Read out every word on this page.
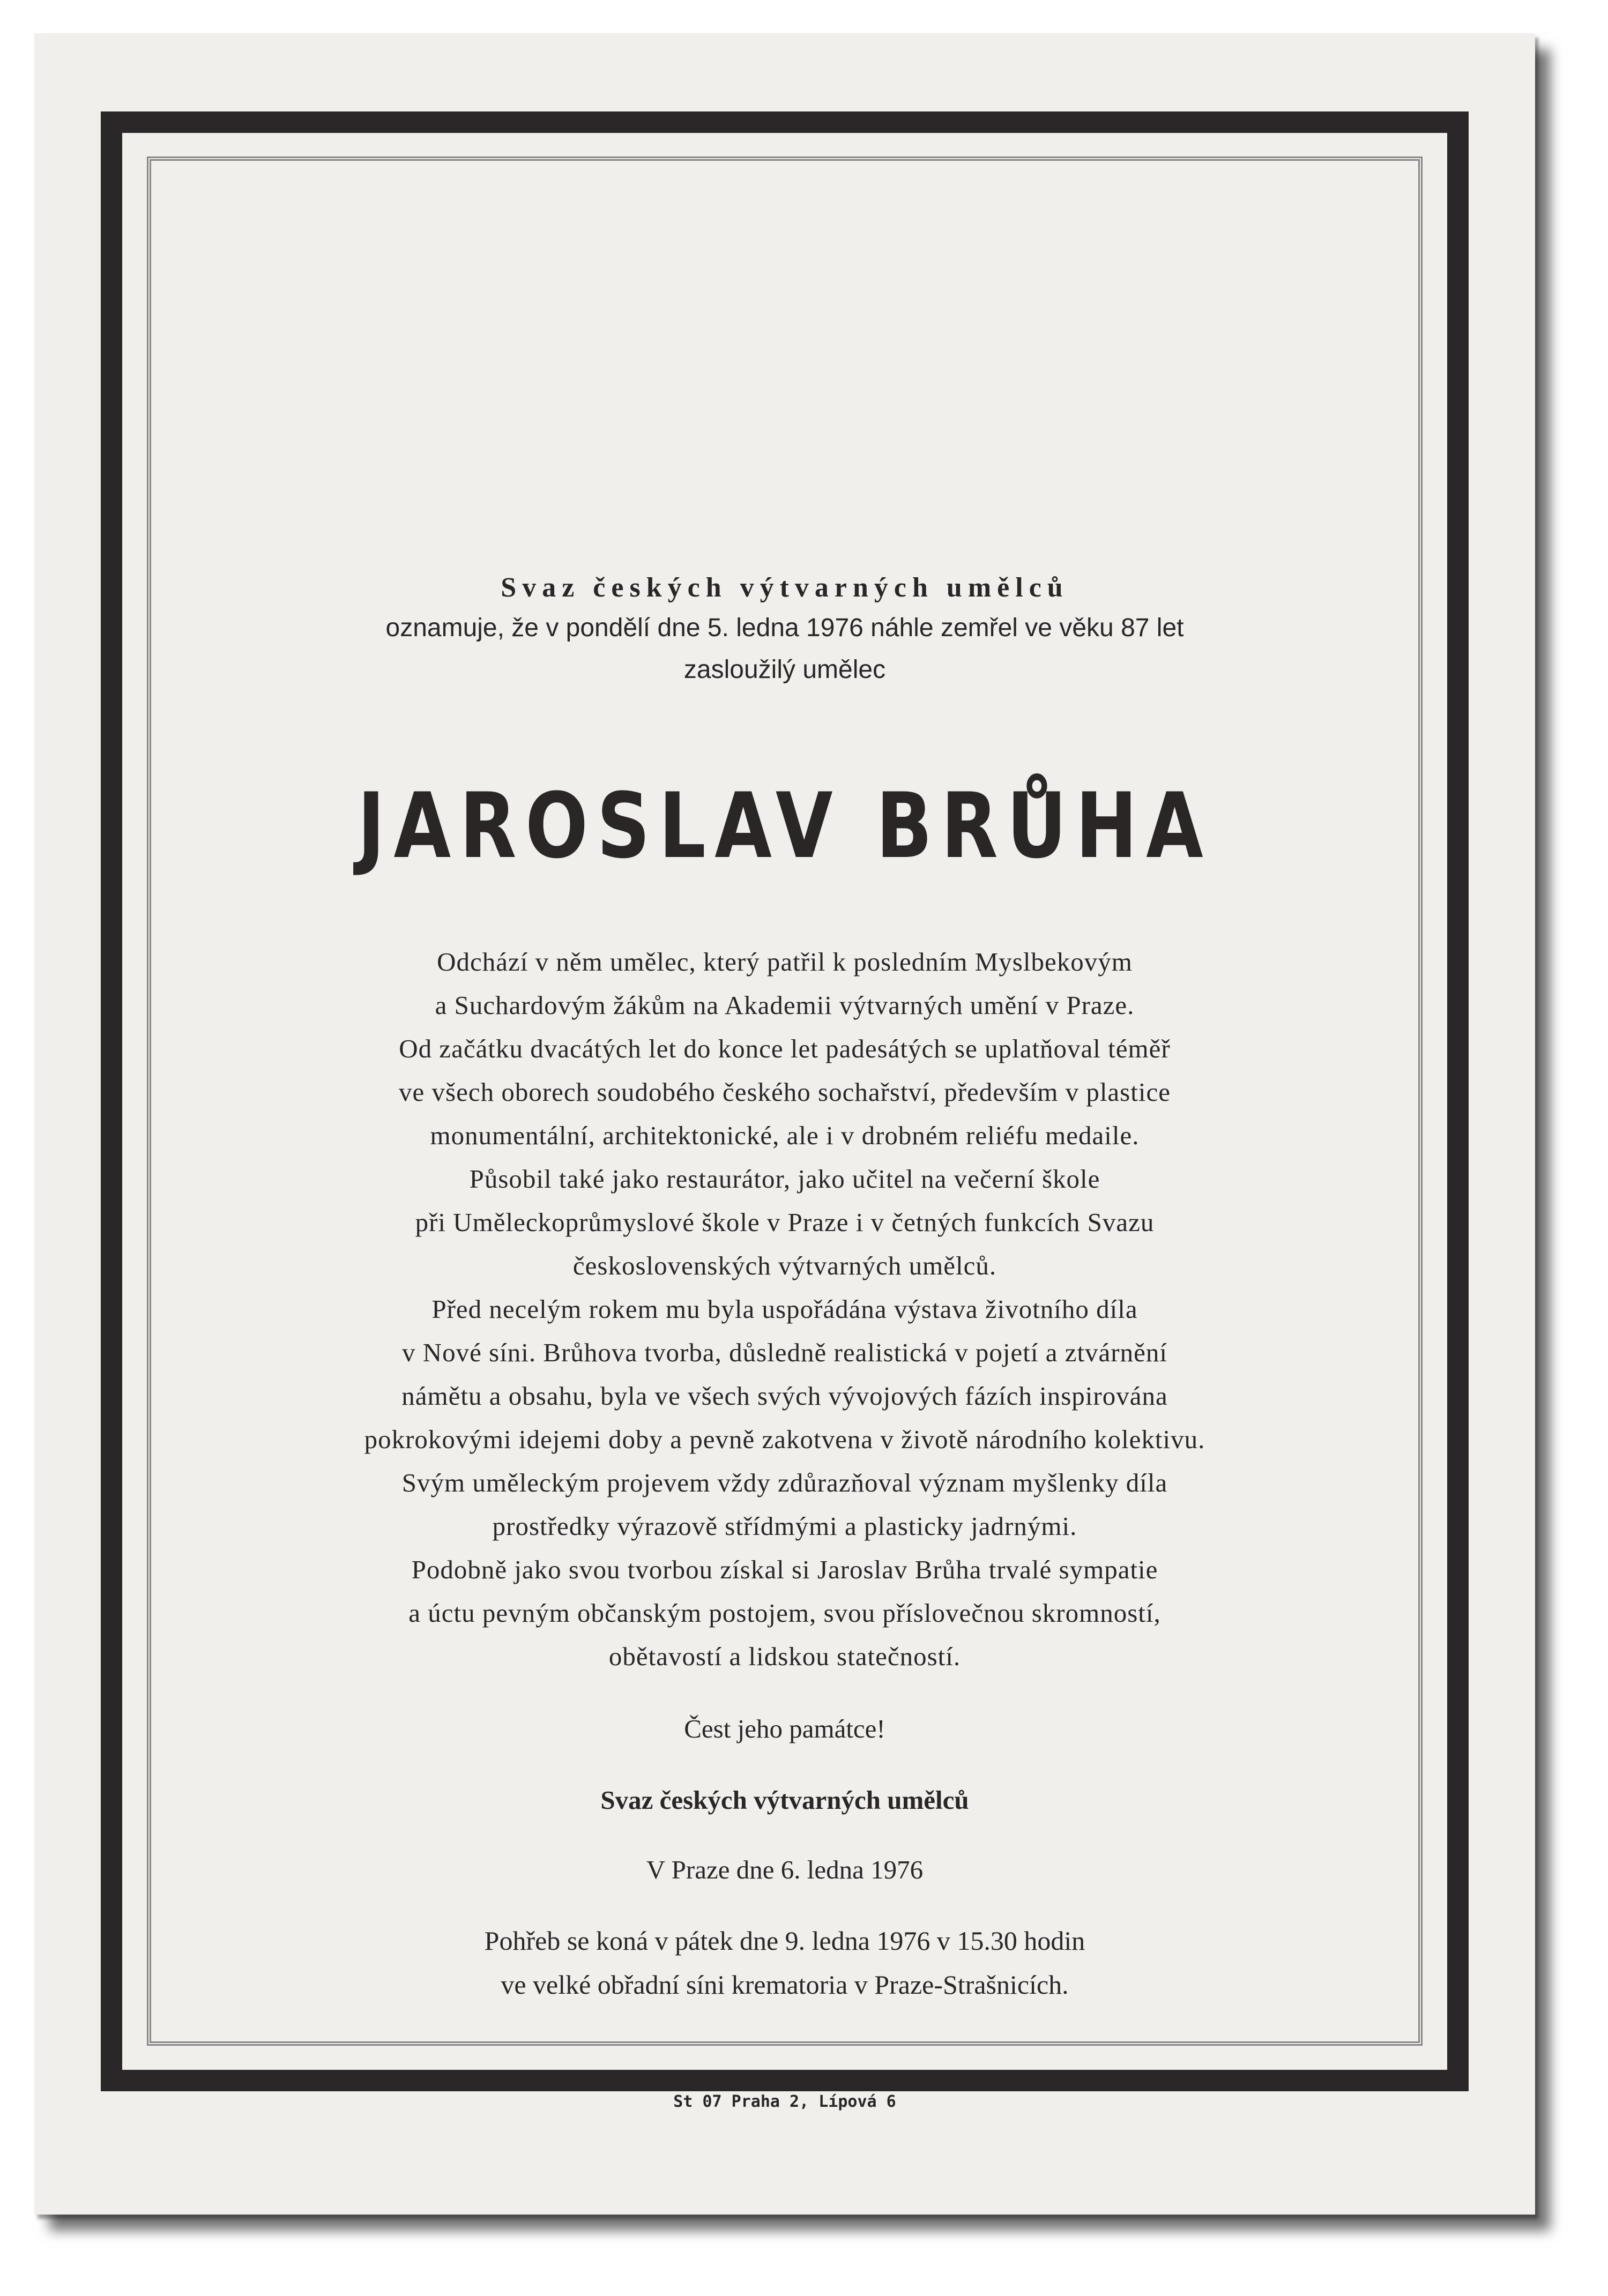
Svaz českých výtvarných umělců
oznamuje, že v pondělí dne 5. ledna 1976 náhle zemřel ve věku 87 let
zasloužilý umělec
JAROSLAV BRŮHA
Odchází v něm umělec, který patřil k posledním Myslbekovým
a Suchardovým žákům na Akademii výtvarných umění v Praze.
Od začátku dvacátých let do konce let padesátých se uplatňoval téměř
ve všech oborech soudobého českého sochařství, především v plastice
monumentální, architektonické, ale i v drobném reliéfu medaile.
Působil také jako restaurátor, jako učitel na večerní škole
při Uměleckoprůmyslové škole v Praze i v četných funkcích Svazu
československých výtvarných umělců.
Před necelým rokem mu byla uspořádána výstava životního díla
v Nové síni. Brůhova tvorba, důsledně realistická v pojetí a ztvárnění
námětu a obsahu, byla ve všech svých vývojových fázích inspirována
pokrokovými idejemi doby a pevně zakotvena v životě národního kolektivu.
Svým uměleckým projevem vždy zdůrazňoval význam myšlenky díla
prostředky výrazově střídmými a plasticky jadrnými.
Podobně jako svou tvorbou získal si Jaroslav Brůha trvalé sympatie
a úctu pevným občanským postojem, svou příslovečnou skromností,
obětavostí a lidskou statečností.
Čest jeho památce!
Svaz českých výtvarných umělců
V Praze dne 6. ledna 1976
Pohřeb se koná v pátek dne 9. ledna 1976 v 15.30 hodin
ve velké obřadní síni krematoria v Praze-Strašnicích.
St 07 Praha 2, Lípová 6
